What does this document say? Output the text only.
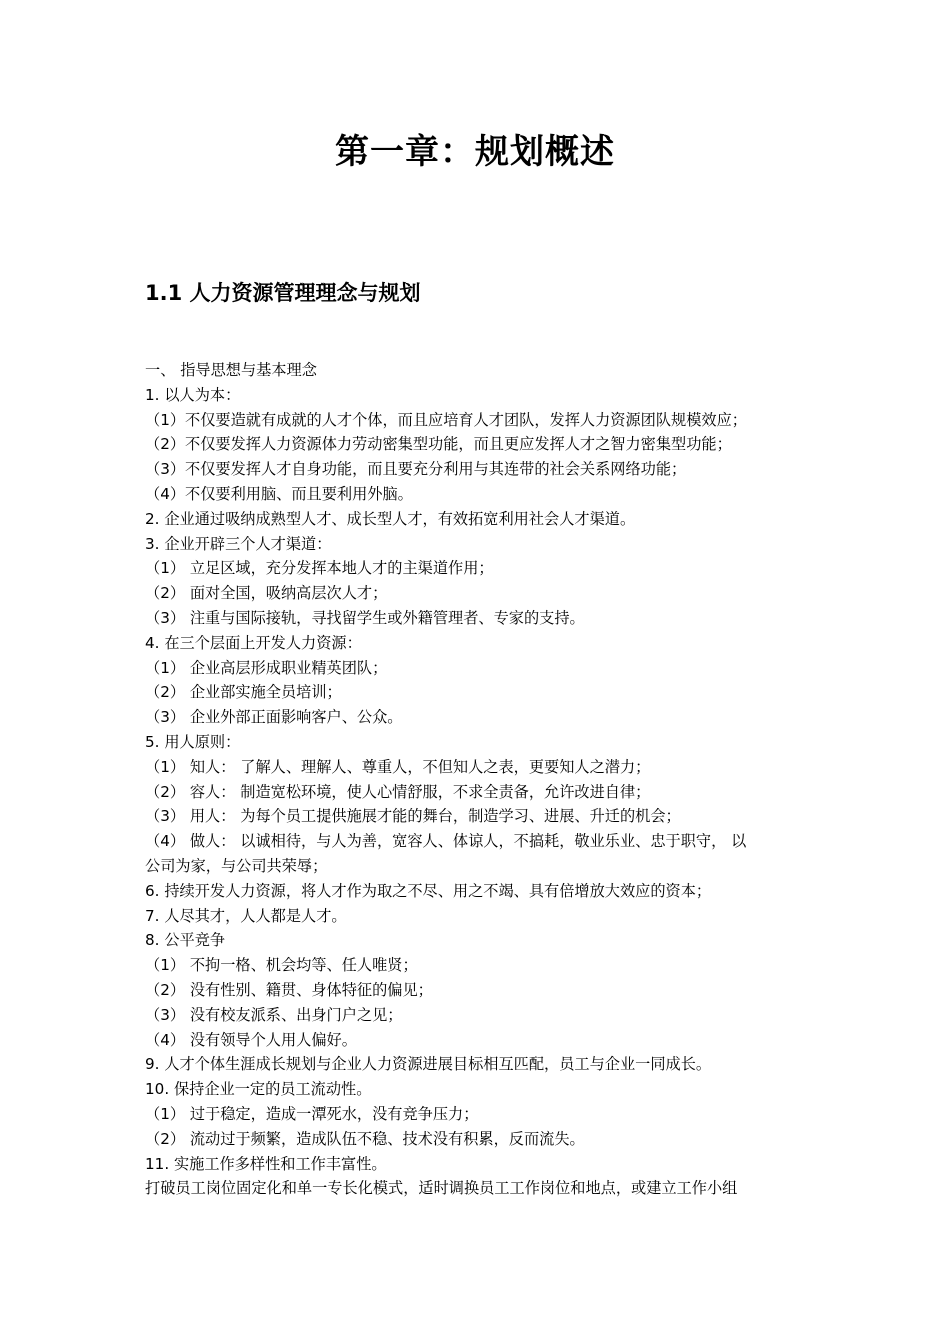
第一章：规划概述
1.1 人力资源管理理念与规划
一、 指导思想与基本理念
1. 以人为本：
（1）不仅要造就有成就的人才个体，而且应培育人才团队，发挥人力资源团队规模效应；
（2）不仅要发挥人力资源体力劳动密集型功能，而且更应发挥人才之智力密集型功能；
（3）不仅要发挥人才自身功能，而且要充分利用与其连带的社会关系网络功能；
（4）不仅要利用脑、而且要利用外脑。
2. 企业通过吸纳成熟型人才、成长型人才，有效拓宽利用社会人才渠道。
3. 企业开辟三个人才渠道：
（1） 立足区域，充分发挥本地人才的主渠道作用；
（2） 面对全国，吸纳高层次人才；
（3） 注重与国际接轨，寻找留学生或外籍管理者、专家的支持。
4. 在三个层面上开发人力资源：
（1） 企业高层形成职业精英团队；
（2） 企业部实施全员培训；
（3） 企业外部正面影响客户、公众。
5. 用人原则：
（1） 知人： 了解人、理解人、尊重人，不但知人之表，更要知人之潜力；
（2） 容人： 制造宽松环境，使人心情舒服，不求全责备，允许改进自律；
（3） 用人： 为每个员工提供施展才能的舞台，制造学习、进展、升迁的机会；
（4） 做人： 以诚相待，与人为善，宽容人、体谅人，不搞耗，敬业乐业、忠于职守， 以
公司为家，与公司共荣辱；
6. 持续开发人力资源，将人才作为取之不尽、用之不竭、具有倍增放大效应的资本；
7. 人尽其才，人人都是人才。
8. 公平竞争
（1） 不拘一格、机会均等、任人唯贤；
（2） 没有性别、籍贯、身体特征的偏见；
（3） 没有校友派系、出身门户之见；
（4） 没有领导个人用人偏好。
9. 人才个体生涯成长规划与企业人力资源进展目标相互匹配，员工与企业一同成长。
10. 保持企业一定的员工流动性。
（1） 过于稳定，造成一潭死水，没有竞争压力；
（2） 流动过于频繁，造成队伍不稳、技术没有积累，反而流失。
11. 实施工作多样性和工作丰富性。
打破员工岗位固定化和单一专长化模式，适时调换员工工作岗位和地点，或建立工作小组
